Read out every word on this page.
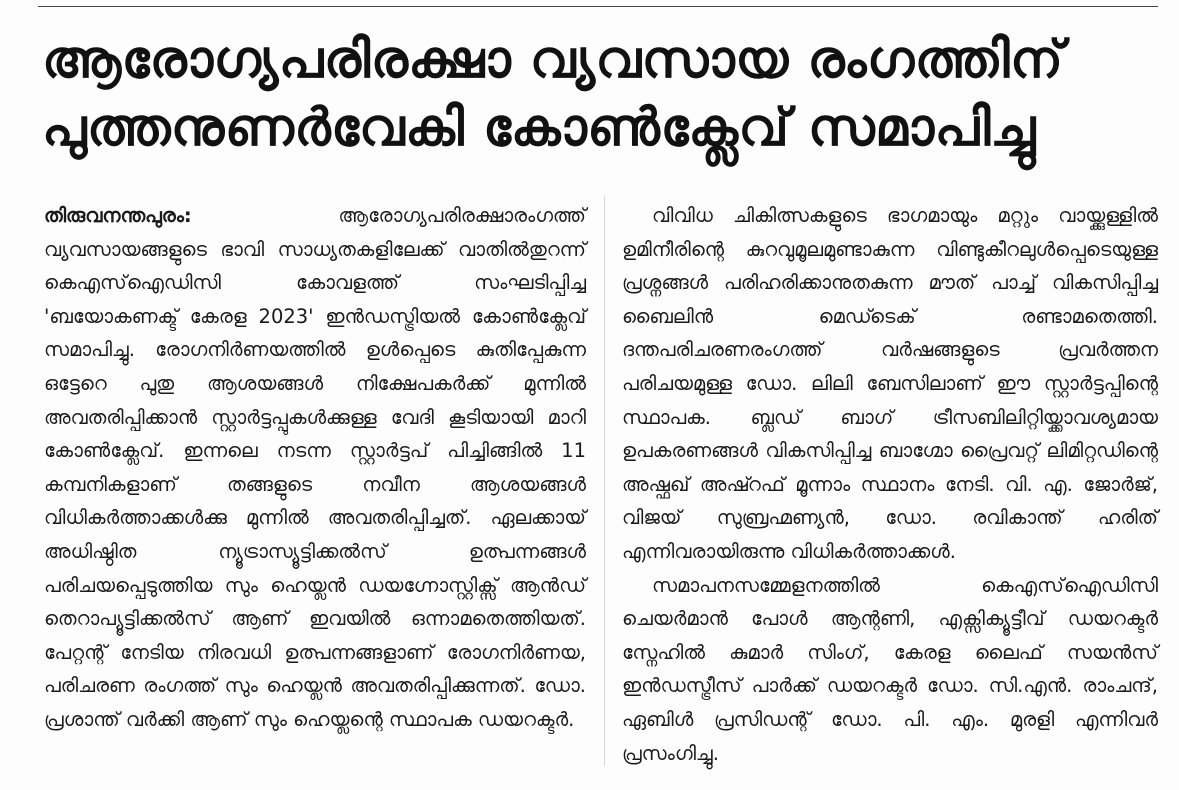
ആരോഗ്യപരിരക്ഷാ വ്യവസായ രംഗത്തിന്
പുത്തനുണർവേകി കോൺക്ലേവ് സമാപിച്ചു

തിരുവനന്തപുരം: ആരോഗ്യപരിരക്ഷാരംഗത്ത് വ്യവസായങ്ങളുടെ ഭാവി സാധ്യതകളിലേക്ക് വാതിൽതുറന്ന് കെഎസ്ഐഡിസി കോവളത്ത് സംഘടിപ്പിച്ച 'ബയോകണക്ട് കേരള 2023' ഇൻഡസ്ട്രിയൽ കോൺക്ലേവ് സമാപിച്ചു. രോഗനിർണയത്തിൽ ഉൾപ്പെടെ കുതിപ്പേകുന്ന ഒട്ടേറെ പുതു ആശയങ്ങൾ നിക്ഷേപകർക്ക് മുന്നിൽ അവതരിപ്പിക്കാൻ സ്റ്റാർട്ടപ്പുകൾക്കുള്ള വേദി കൂടിയായി മാറി കോൺക്ലേവ്. ഇന്നലെ നടന്ന സ്റ്റാർട്ടപ് പിച്ചിങ്ങിൽ 11 കമ്പനികളാണ് തങ്ങളുടെ നവീന ആശയങ്ങൾ വിധികർത്താക്കൾക്കു മുന്നിൽ അവതരിപ്പിച്ചത്. ഏലക്കായ് അധിഷ്ഠിത ന്യൂട്രാസ്യൂട്ടിക്കൽസ് ഉത്പന്നങ്ങൾ പരിചയപ്പെടുത്തിയ സും ഹെയ്ലൻ ഡയഗ്നോസ്റ്റിക്സ് ആൻഡ് തെറാപ്യൂട്ടിക്കൽസ് ആണ് ഇവയിൽ ഒന്നാമതെത്തിയത്. പേറ്റന്റ് നേടിയ നിരവധി ഉത്പന്നങ്ങളാണ് രോഗനിർണയ, പരിചരണ രംഗത്ത് സും ഹെയ്ലൻ അവതരിപ്പിക്കുന്നത്. ഡോ. പ്രശാന്ത് വർക്കി ആണ് സും ഹെയ്ലന്റെ സ്ഥാപക ഡയറക്ടർ.

വിവിധ ചികിത്സകളുടെ ഭാഗമായും മറ്റും വായ്ക്കുള്ളിൽ ഉമിനീരിന്റെ കുറവുമൂലമുണ്ടാകുന്ന വിണ്ടുകീറലുൾപ്പെടെയുള്ള പ്രശ്നങ്ങൾ പരിഹരിക്കാനുതകുന്ന മൗത് പാച്ച് വികസിപ്പിച്ച ബൈലിൻ മെഡ്ടെക് രണ്ടാമതെത്തി. ദന്തപരിചരണരംഗത്ത് വർഷങ്ങളുടെ പ്രവർത്തന പരിചയമുള്ള ഡോ. ലിലി ബേസിലാണ് ഈ സ്റ്റാർട്ടപ്പിന്റെ സ്ഥാപക. ബ്ലഡ് ബാഗ് ട്രീസബിലിറ്റിയ്ക്കാവശ്യമായ ഉപകരണങ്ങൾ വികസിപ്പിച്ച ബാഗ്മോ പ്രൈവറ്റ് ലിമിറ്റഡിന്റെ അഷ്ഫഖ് അഷ്റഫ് മൂന്നാം സ്ഥാനം നേടി. വി. എ. ജോർജ്, വിജയ് സുബ്രഹ്മണ്യൻ, ഡോ. രവികാന്ത് ഹരിത് എന്നിവരായിരുന്നു വിധികർത്താക്കൾ.

സമാപനസമ്മേളനത്തിൽ കെഎസ്ഐഡിസി ചെയർമാൻ പോൾ ആന്റണി, എക്സിക്യൂട്ടീവ് ഡയറക്ടർ സ്നേഹിൽ കുമാർ സിംഗ്, കേരള ലൈഫ് സയൻസ് ഇൻഡസ്ട്രീസ് പാർക്ക് ഡയറക്ടർ ഡോ. സി.എൻ. രാംചന്ദ്, ഏബിൾ പ്രസിഡന്റ് ഡോ. പി. എം. മുരളി എന്നിവർ പ്രസംഗിച്ചു.
